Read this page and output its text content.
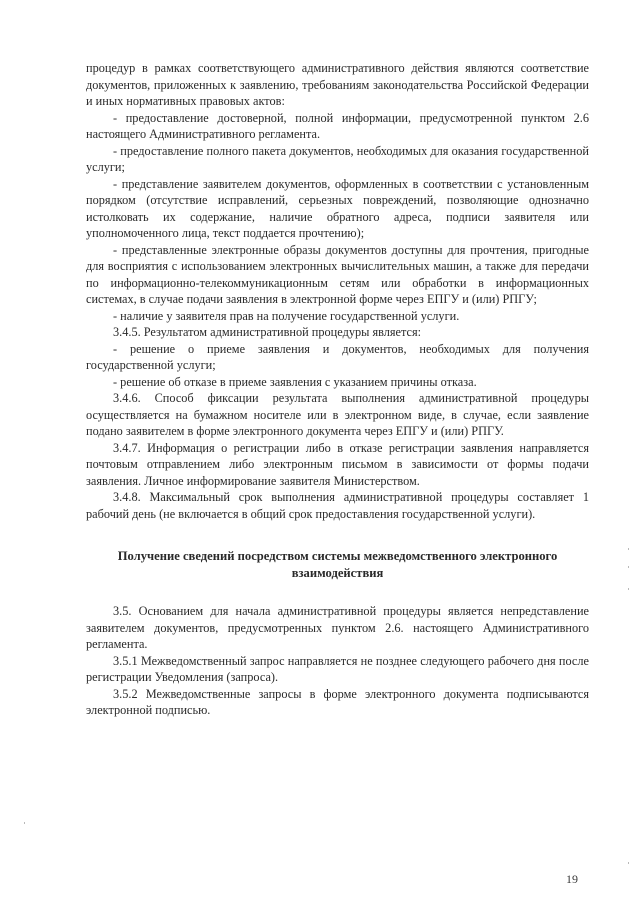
процедур в рамках соответствующего административного действия являются соответствие документов, приложенных к заявлению, требованиям законодательства Российской Федерации и иных нормативных правовых актов:

- предоставление достоверной, полной информации, предусмотренной пунктом 2.6 настоящего Административного регламента.

- предоставление полного пакета документов, необходимых для оказания государственной услуги;

- представление заявителем документов, оформленных в соответствии с установленным порядком (отсутствие исправлений, серьезных повреждений, позволяющие однозначно истолковать их содержание, наличие обратного адреса, подписи заявителя или уполномоченного лица, текст поддается прочтению);

- представленные электронные образы документов доступны для прочтения, пригодные для восприятия с использованием электронных вычислительных машин, а также для передачи по информационно-телекоммуникационным сетям или обработки в информационных системах, в случае подачи заявления в электронной форме через ЕПГУ и (или) РПГУ;

- наличие у заявителя прав на получение государственной услуги.

3.4.5. Результатом административной процедуры является:

- решение о приеме заявления и документов, необходимых для получения государственной услуги;

- решение об отказе в приеме заявления с указанием причины отказа.

3.4.6. Способ фиксации результата выполнения административной процедуры осуществляется на бумажном носителе или в электронном виде, в случае, если заявление подано заявителем в форме электронного документа через ЕПГУ и (или) РПГУ.

3.4.7. Информация о регистрации либо в отказе регистрации заявления направляется почтовым отправлением либо электронным письмом в зависимости от формы подачи заявления. Личное информирование заявителя Министерством.

3.4.8. Максимальный срок выполнения административной процедуры составляет 1 рабочий день (не включается в общий срок предоставления государственной услуги).

Получение сведений посредством системы межведомственного электронного взаимодействия

3.5. Основанием для начала административной процедуры является непредставление заявителем документов, предусмотренных пунктом 2.6. настоящего Административного регламента.

3.5.1 Межведомственный запрос направляется не позднее следующего рабочего дня после регистрации Уведомления (запроса).

3.5.2 Межведомственные запросы в форме электронного документа подписываются электронной подписью.

19
